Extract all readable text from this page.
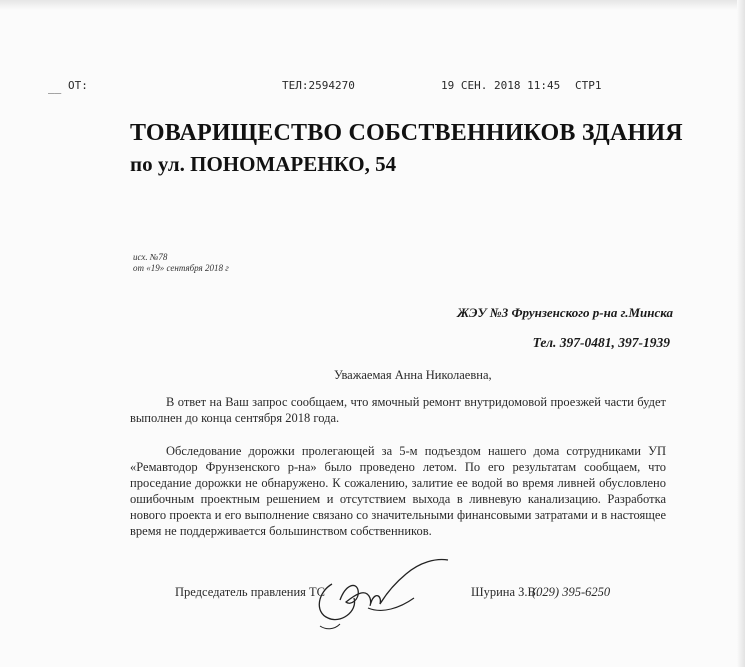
__ ОТ:	ТЕЛ:2594270	19 СЕН. 2018 11:45 СТР1
ТОВАРИЩЕСТВО СОБСТВЕННИКОВ ЗДАНИЯ
по ул. ПОНОМАРЕНКО, 54
исх. №78
от «19» сентября 2018 г
ЖЭУ №3 Фрунзенского р-на г.Минска
Тел. 397-0481, 397-1939
Уважаемая Анна Николаевна,
В ответ на Ваш запрос сообщаем, что ямочный ремонт внутридомовой проезжей части будет выполнен до конца сентября 2018 года.
Обследование дорожки пролегающей за 5-м подъездом нашего дома сотрудниками УП «Ремавтодор Фрунзенского р-на» было проведено летом. По его результатам сообщаем, что проседание дорожки не обнаружено. К сожалению, залитие ее водой во время ливней обусловлено ошибочным проектным решением и отсутствием выхода в ливневую канализацию. Разработка нового проекта и его выполнение связано со значительными финансовыми затратами и в настоящее время не поддерживается большинством собственников.
Председатель правления ТС	Шурина З.В.
(029) 395-6250
